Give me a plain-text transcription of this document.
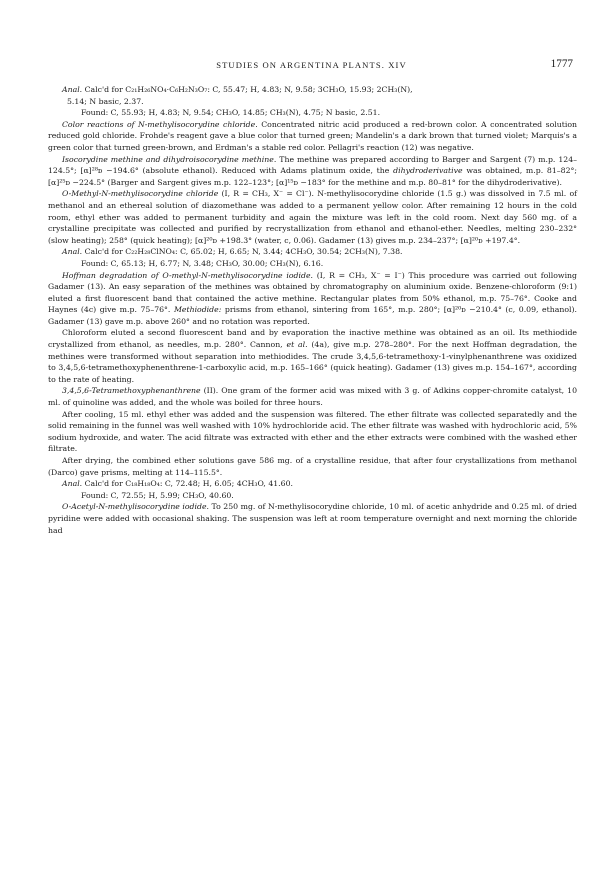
STUDIES ON ARGENTINA PLANTS. XIV	1777

Anal. Calc'd for C₂₁H₂₆NO₄·C₆H₂N₃O₇: C, 55.47; H, 4.83; N, 9.58; 3CH₃O, 15.93; 2CH₃(N),

5.14; N basic, 2.37.

Found: C, 55.93; H, 4.83; N, 9.54; CH₃O, 14.85; CH₃(N), 4.75; N basic, 2.51.

Color reactions of N-methylisocorydine chloride. Concentrated nitric acid produced a red-brown color. A concentrated solution reduced gold chloride. Frohde's reagent gave a blue color that turned green; Mandelin's a dark brown that turned violet; Marquis's a green color that turned green-brown, and Erdman's a stable red color. Pellagri's reaction (12) was negative.

Isocorydine methine and dihydroisocorydine methine. The methine was prepared according to Barger and Sargent (7) m.p. 124–124.5°; [α]²⁸ᴅ −194.6° (absolute ethanol). Reduced with Adams platinum oxide, the dihydroderivative was obtained, m.p. 81–82°; [α]²⁵ᴅ −224.5° (Barger and Sargent gives m.p. 122–123°; [α]¹⁵ᴅ −183° for the methine and m.p. 80–81° for the dihydroderivative).

O-Methyl-N-methylisocorydine chloride (I, R = CH₃, X⁻ = Cl⁻). N-methylisocorydine chloride (1.5 g.) was dissolved in 7.5 ml. of methanol and an ethereal solution of diazomethane was added to a permanent yellow color. After remaining 12 hours in the cold room, ethyl ether was added to permanent turbidity and again the mixture was left in the cold room. Next day 560 mg. of a crystalline precipitate was collected and purified by recrystallization from ethanol and ethanol-ether. Needles, melting 230–232° (slow heating); 258° (quick heating); [α]²⁰ᴅ +198.3° (water, c, 0.06). Gadamer (13) gives m.p. 234–237°; [α]²⁰ᴅ +197.4°.

Anal. Calc'd for C₂₂H₂₈ClNO₄: C, 65.02; H, 6.65; N, 3.44; 4CH₃O, 30.54; 2CH₃(N), 7.38.

Found: C, 65.13; H, 6.77; N, 3.48; CH₃O, 30.00; CH₃(N), 6.16.

Hoffman degradation of O-methyl-N-methylisocorydine iodide. (I, R = CH₃, X⁻ = I⁻) This procedure was carried out following Gadamer (13). An easy separation of the methines was obtained by chromatography on aluminium oxide. Benzene-chloroform (9:1) eluted a first fluorescent band that contained the active methine. Rectangular plates from 50% ethanol, m.p. 75–76°. Cooke and Haynes (4c) give m.p. 75–76°. Methiodide: prisms from ethanol, sintering from 165°, m.p. 280°; [α]²⁰ᴅ −210.4° (c, 0.09, ethanol). Gadamer (13) gave m.p. above 260° and no rotation was reported.

Chloroform eluted a second fluorescent band and by evaporation the inactive methine was obtained as an oil. Its methiodide crystallized from ethanol, as needles, m.p. 280°. Cannon, et al. (4a), give m.p. 278–280°. For the next Hoffman degradation, the methines were transformed without separation into methiodides. The crude 3,4,5,6-tetramethoxy-1-vinylphenanthrene was oxidized to 3,4,5,6-tetramethoxyphenenthrene-1-carboxylic acid, m.p. 165–166° (quick heating). Gadamer (13) gives m.p. 154–167°, according to the rate of heating.

3,4,5,6-Tetramethoxyphenanthrene (II). One gram of the former acid was mixed with 3 g. of Adkins copper-chromite catalyst, 10 ml. of quinoline was added, and the whole was boiled for three hours.

After cooling, 15 ml. ethyl ether was added and the suspension was filtered. The ether filtrate was collected separatedly and the solid remaining in the funnel was well washed with 10% hydrochloride acid. The ether filtrate was washed with hydrochloric acid, 5% sodium hydroxide, and water. The acid filtrate was extracted with ether and the ether extracts were combined with the washed ether filtrate.

After drying, the combined ether solutions gave 586 mg. of a crystalline residue, that after four crystallizations from methanol (Darco) gave prisms, melting at 114–115.5°.

Anal. Calc'd for C₁₈H₁₈O₄: C, 72.48; H, 6.05; 4CH₃O, 41.60.

Found: C, 72.55; H, 5.99; CH₃O, 40.60.

O-Acetyl-N-methylisocorydine iodide. To 250 mg. of N-methylisocorydine chloride, 10 ml. of acetic anhydride and 0.25 ml. of dried pyridine were added with occasional shaking. The suspension was left at room temperature overnight and next morning the chloride had
